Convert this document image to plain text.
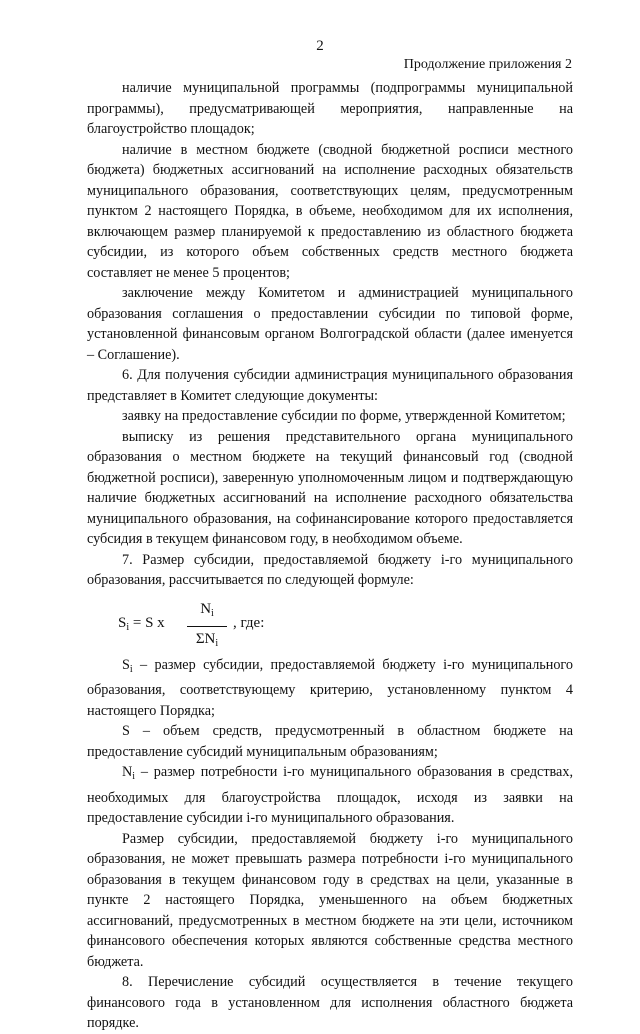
2
Продолжение приложения 2

наличие муниципальной программы (подпрограммы муниципальной программы), предусматривающей мероприятия, направленные на благоустройство площадок;

наличие в местном бюджете (сводной бюджетной росписи местного бюджета) бюджетных ассигнований на исполнение расходных обязательств муниципального образования, соответствующих целям, предусмотренным пунктом 2 настоящего Порядка, в объеме, необходимом для их исполнения, включающем размер планируемой к предоставлению из областного бюджета субсидии, из которого объем собственных средств местного бюджета составляет не менее 5 процентов;

заключение между Комитетом и администрацией муниципального образования соглашения о предоставлении субсидии по типовой форме, установленной финансовым органом Волгоградской области (далее именуется – Соглашение).

6. Для получения субсидии администрация муниципального образования представляет в Комитет следующие документы:

заявку на предоставление субсидии по форме, утвержденной Комитетом;

выписку из решения представительного органа муниципального образования о местном бюджете на текущий финансовый год (сводной бюджетной росписи), заверенную уполномоченным лицом и подтверждающую наличие бюджетных ассигнований на исполнение расходного обязательства муниципального образования, на софинансирование которого предоставляется субсидия в текущем финансовом году, в необходимом объеме.

7. Размер субсидии, предоставляемой бюджету i-го муниципального образования, рассчитывается по следующей формуле:

$S_i = S$ x
$N_i$
$\Sigma N_i$
, где:

$S_i$ – размер субсидии, предоставляемой бюджету i-го муниципального образования, соответствующему критерию, установленному пунктом 4 настоящего Порядка;

S – объем средств, предусмотренный в областном бюджете на предоставление субсидий муниципальным образованиям;

$N_i$ – размер потребности i-го муниципального образования в средствах, необходимых для благоустройства площадок, исходя из заявки на предоставление субсидии i-го муниципального образования.

Размер субсидии, предоставляемой бюджету i-го муниципального образования, не может превышать размера потребности i-го муниципального образования в текущем финансовом году в средствах на цели, указанные в пункте 2 настоящего Порядка, уменьшенного на объем бюджетных ассигнований, предусмотренных в местном бюджете на эти цели, источником финансового обеспечения которых являются собственные средства местного бюджета.

8. Перечисление субсидий осуществляется в течение текущего финансового года в установленном для исполнения областного бюджета порядке.
